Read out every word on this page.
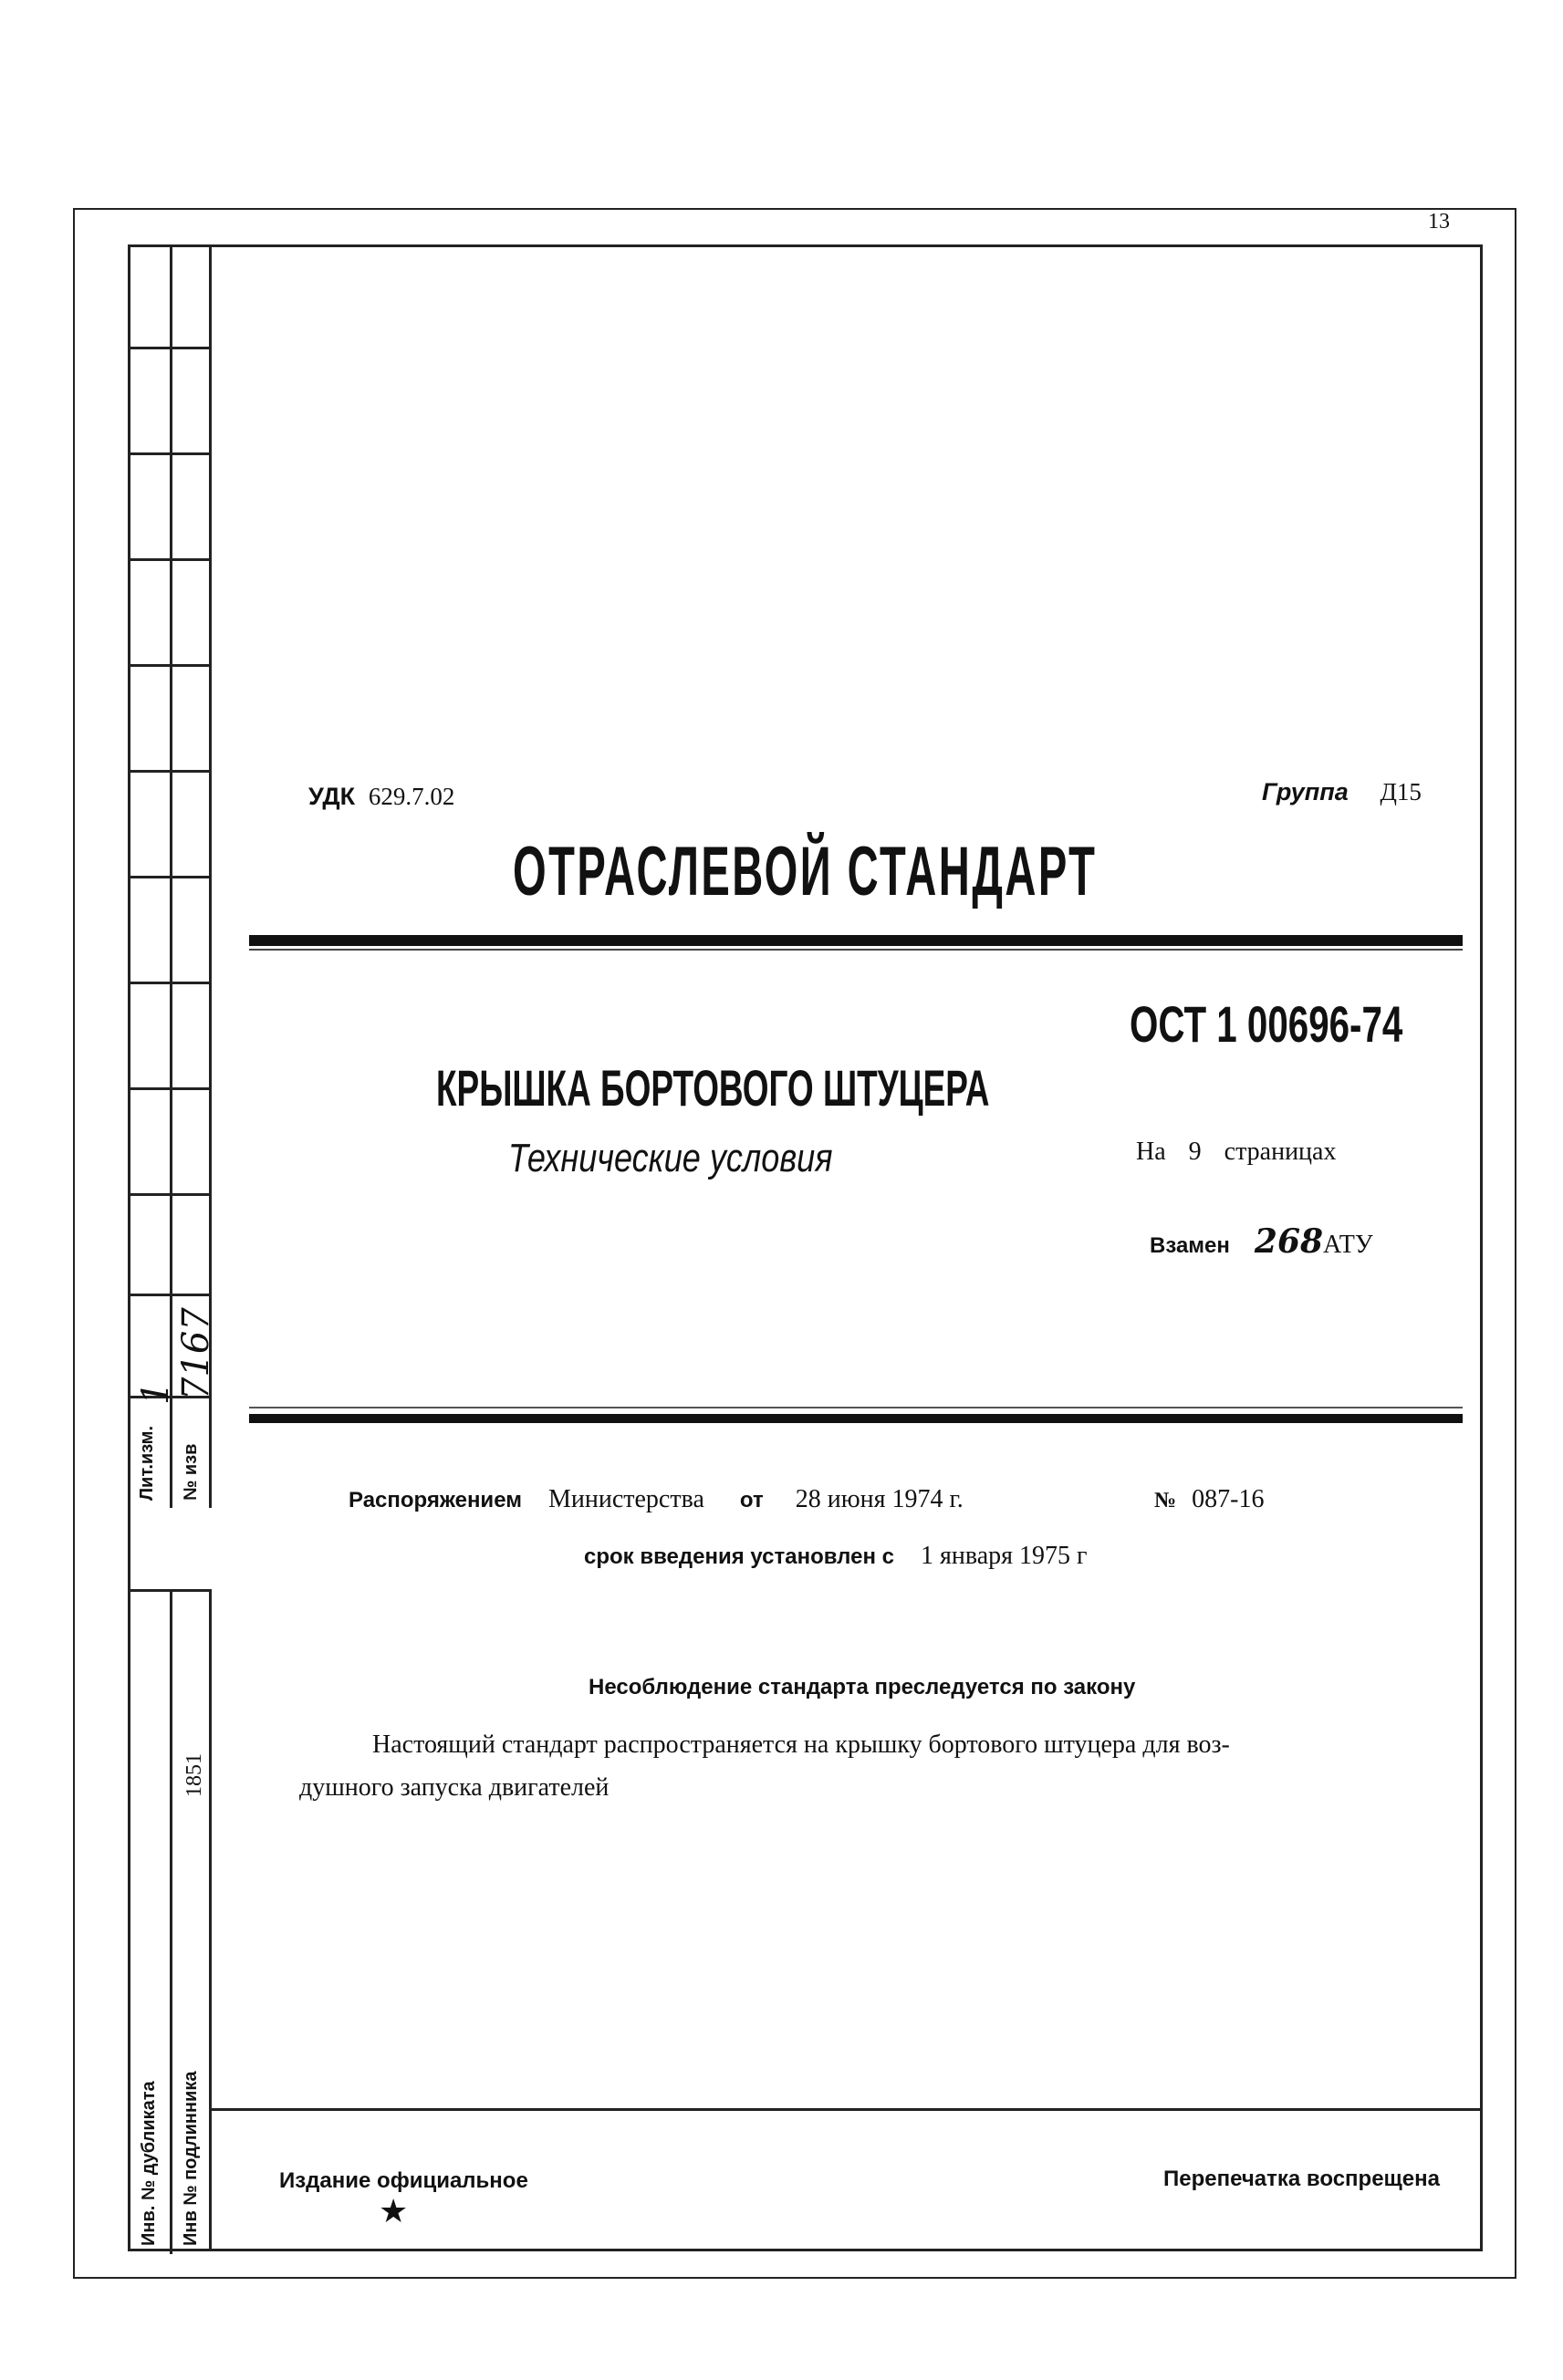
13
Лит.изм. № изв
1
7167
1851
Инв. № дубликата Инв № подлинника
УДК 629.7.02	Группа Д15
ОТРАСЛЕВОЙ СТАНДАРТ
ОСТ 1 00696-74
КРЫШКА БОРТОВОГО ШТУЦЕРА
Технические условия	На 9 страницах
Взамен 268АТУ
Распоряжением Министерства от 28 июня 1974 г.	№ 087-16
срок введения установлен с 1 января 1975 г
Несоблюдение стандарта преследуется по закону
Настоящий стандарт распространяется на крышку бортового штуцера для воз-
душного запуска двигателей
Издание официальное
★
Перепечатка воспрещена
